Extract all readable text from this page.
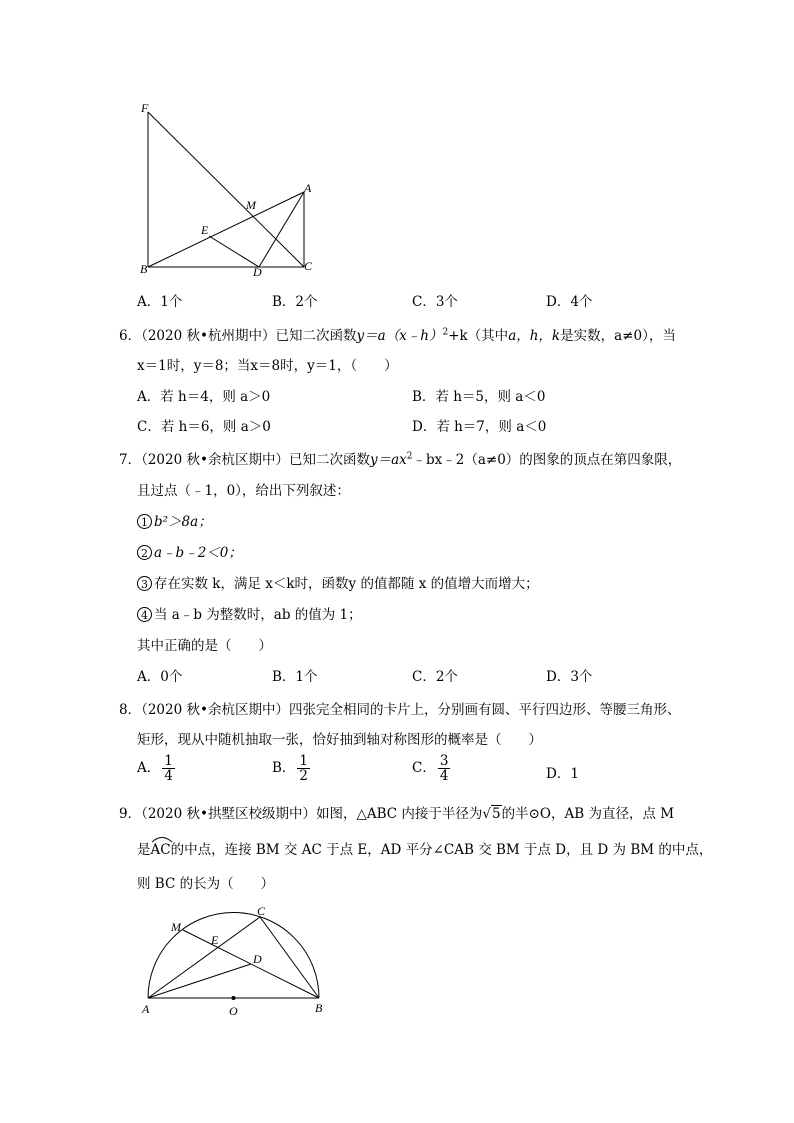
F
A
M
E
B	D	C
A．1个	B．2个	C．3个	D．4个
6．（2020 秋•杭州期中）已知二次函数y＝a（x﹣h）$^2$+k（其中a，h，k是实数，a≠0），当
x＝1时，y＝8；当x＝8时，y＝1，（　　）
A．若 h＝4，则 a＞0	B．若 h＝5，则 a＜0
C．若 h＝6，则 a＞0	D．若 h＝7，则 a＜0
7．（2020 秋•余杭区期中）已知二次函数$y=ax^2﹣bx﹣2(a\ne 0)$的图象的顶点在第四象限，
且过点（﹣1，0），给出下列叙述：
1 b²＞8a；
2 a﹣b﹣2＜0；
3 存在实数 k，满足 x＜k时，函数y 的值都随 x 的值增大而增大；
4 当 a﹣b 为整数时，ab 的值为 1；
其中正确的是（　　）
A．0个	B．1个	C．2个	D．3个
8．（2020 秋•余杭区期中）四张完全相同的卡片上，分别画有圆、平行四边形、等腰三角形、
矩形，现从中随机抽取一张，恰好抽到轴对称图形的概率是（　　）
A． $\frac{1}{4}$	B． $\frac{1}{2}$	C． $\frac{3}{4}$	D．1
9．（2020 秋•拱墅区校级期中）如图，△ABC 内接于半径为√5的半⊙O，AB 为直径，点 M
是
AC的中点，连接 BM 交 AC 于点 E，AD 平分∠CAB 交 BM 于点 D，且 D 为 BM 的中点，
则 BC 的长为（　　）
M
C
E
D
A	O	B
